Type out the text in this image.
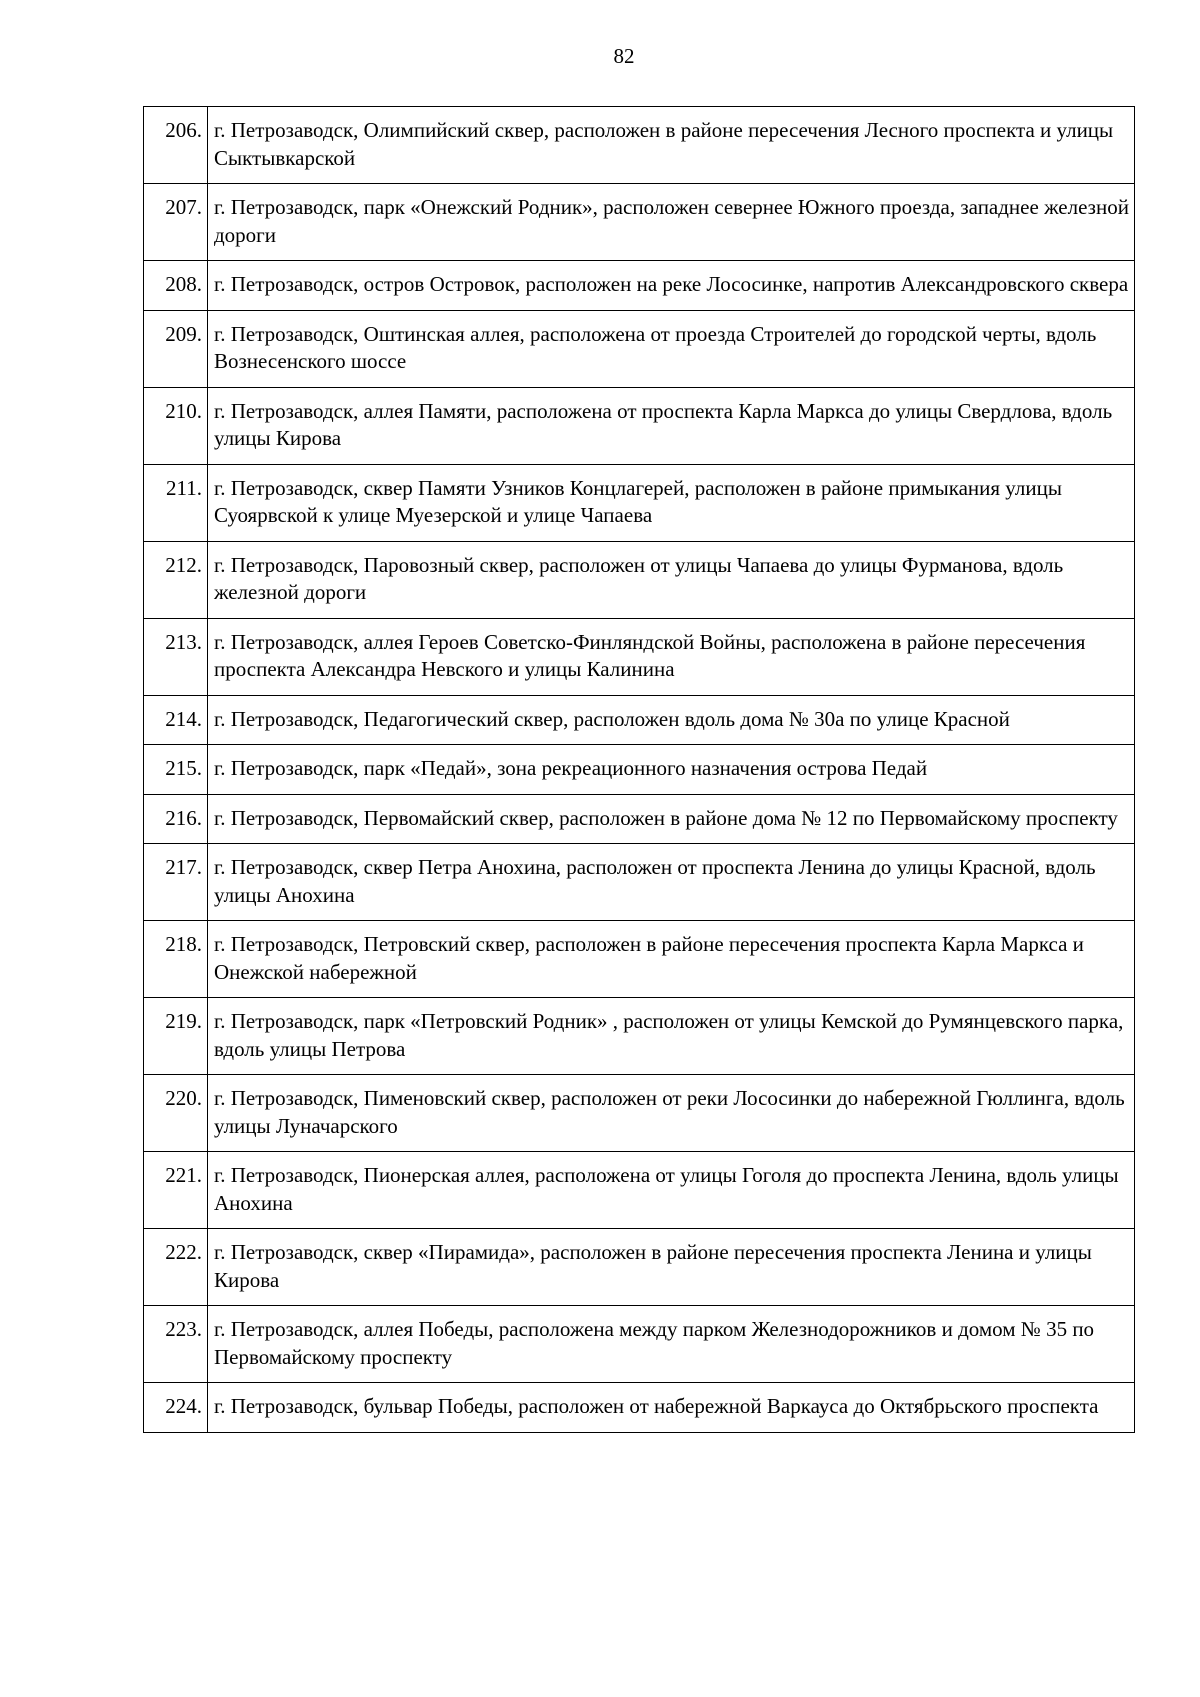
82
206.	г. Петрозаводск, Олимпийский сквер, расположен в районе пересечения Лесного проспекта и улицы Сыктывкарской
207.	г. Петрозаводск, парк «Онежский Родник», расположен севернее Южного проезда, западнее железной дороги
208.	г. Петрозаводск, остров Островок, расположен на реке Лососинке, напротив Александровского сквера
209.	г. Петрозаводск, Оштинская аллея, расположена от проезда Строителей до городской черты, вдоль Вознесенского шоссе
210.	г. Петрозаводск, аллея Памяти, расположена от проспекта Карла Маркса до улицы Свердлова, вдоль улицы Кирова
211.	г. Петрозаводск, сквер Памяти Узников Концлагерей, расположен в районе примыкания улицы Суоярвской к улице Муезерской и улице Чапаева
212.	г. Петрозаводск, Паровозный сквер, расположен от улицы Чапаева до улицы Фурманова, вдоль железной дороги
213.	г. Петрозаводск, аллея Героев Советско-Финляндской Войны, расположена в районе пересечения проспекта Александра Невского и улицы Калинина
214.	г. Петрозаводск, Педагогический сквер, расположен вдоль дома № 30а по улице Красной
215.	г. Петрозаводск, парк «Педай», зона рекреационного назначения острова Педай
216.	г. Петрозаводск, Первомайский сквер, расположен в районе дома № 12 по Первомайскому проспекту
217.	г. Петрозаводск, сквер Петра Анохина, расположен от проспекта Ленина до улицы Красной, вдоль улицы Анохина
218.	г. Петрозаводск, Петровский сквер, расположен в районе пересечения проспекта Карла Маркса и Онежской набережной
219.	г. Петрозаводск, парк «Петровский Родник» , расположен от улицы Кемской до Румянцевского парка, вдоль улицы Петрова
220.	г. Петрозаводск, Пименовский сквер, расположен от реки Лососинки до набережной Гюллинга, вдоль улицы Луначарского
221.	г. Петрозаводск, Пионерская аллея, расположена от улицы Гоголя до проспекта Ленина, вдоль улицы Анохина
222.	г. Петрозаводск, сквер «Пирамида», расположен в районе пересечения проспекта Ленина и улицы Кирова
223.	г. Петрозаводск, аллея Победы, расположена между парком Железнодорожников и домом № 35 по Первомайскому проспекту
224.	г. Петрозаводск, бульвар Победы, расположен от набережной Варкауса до Октябрьского проспекта
